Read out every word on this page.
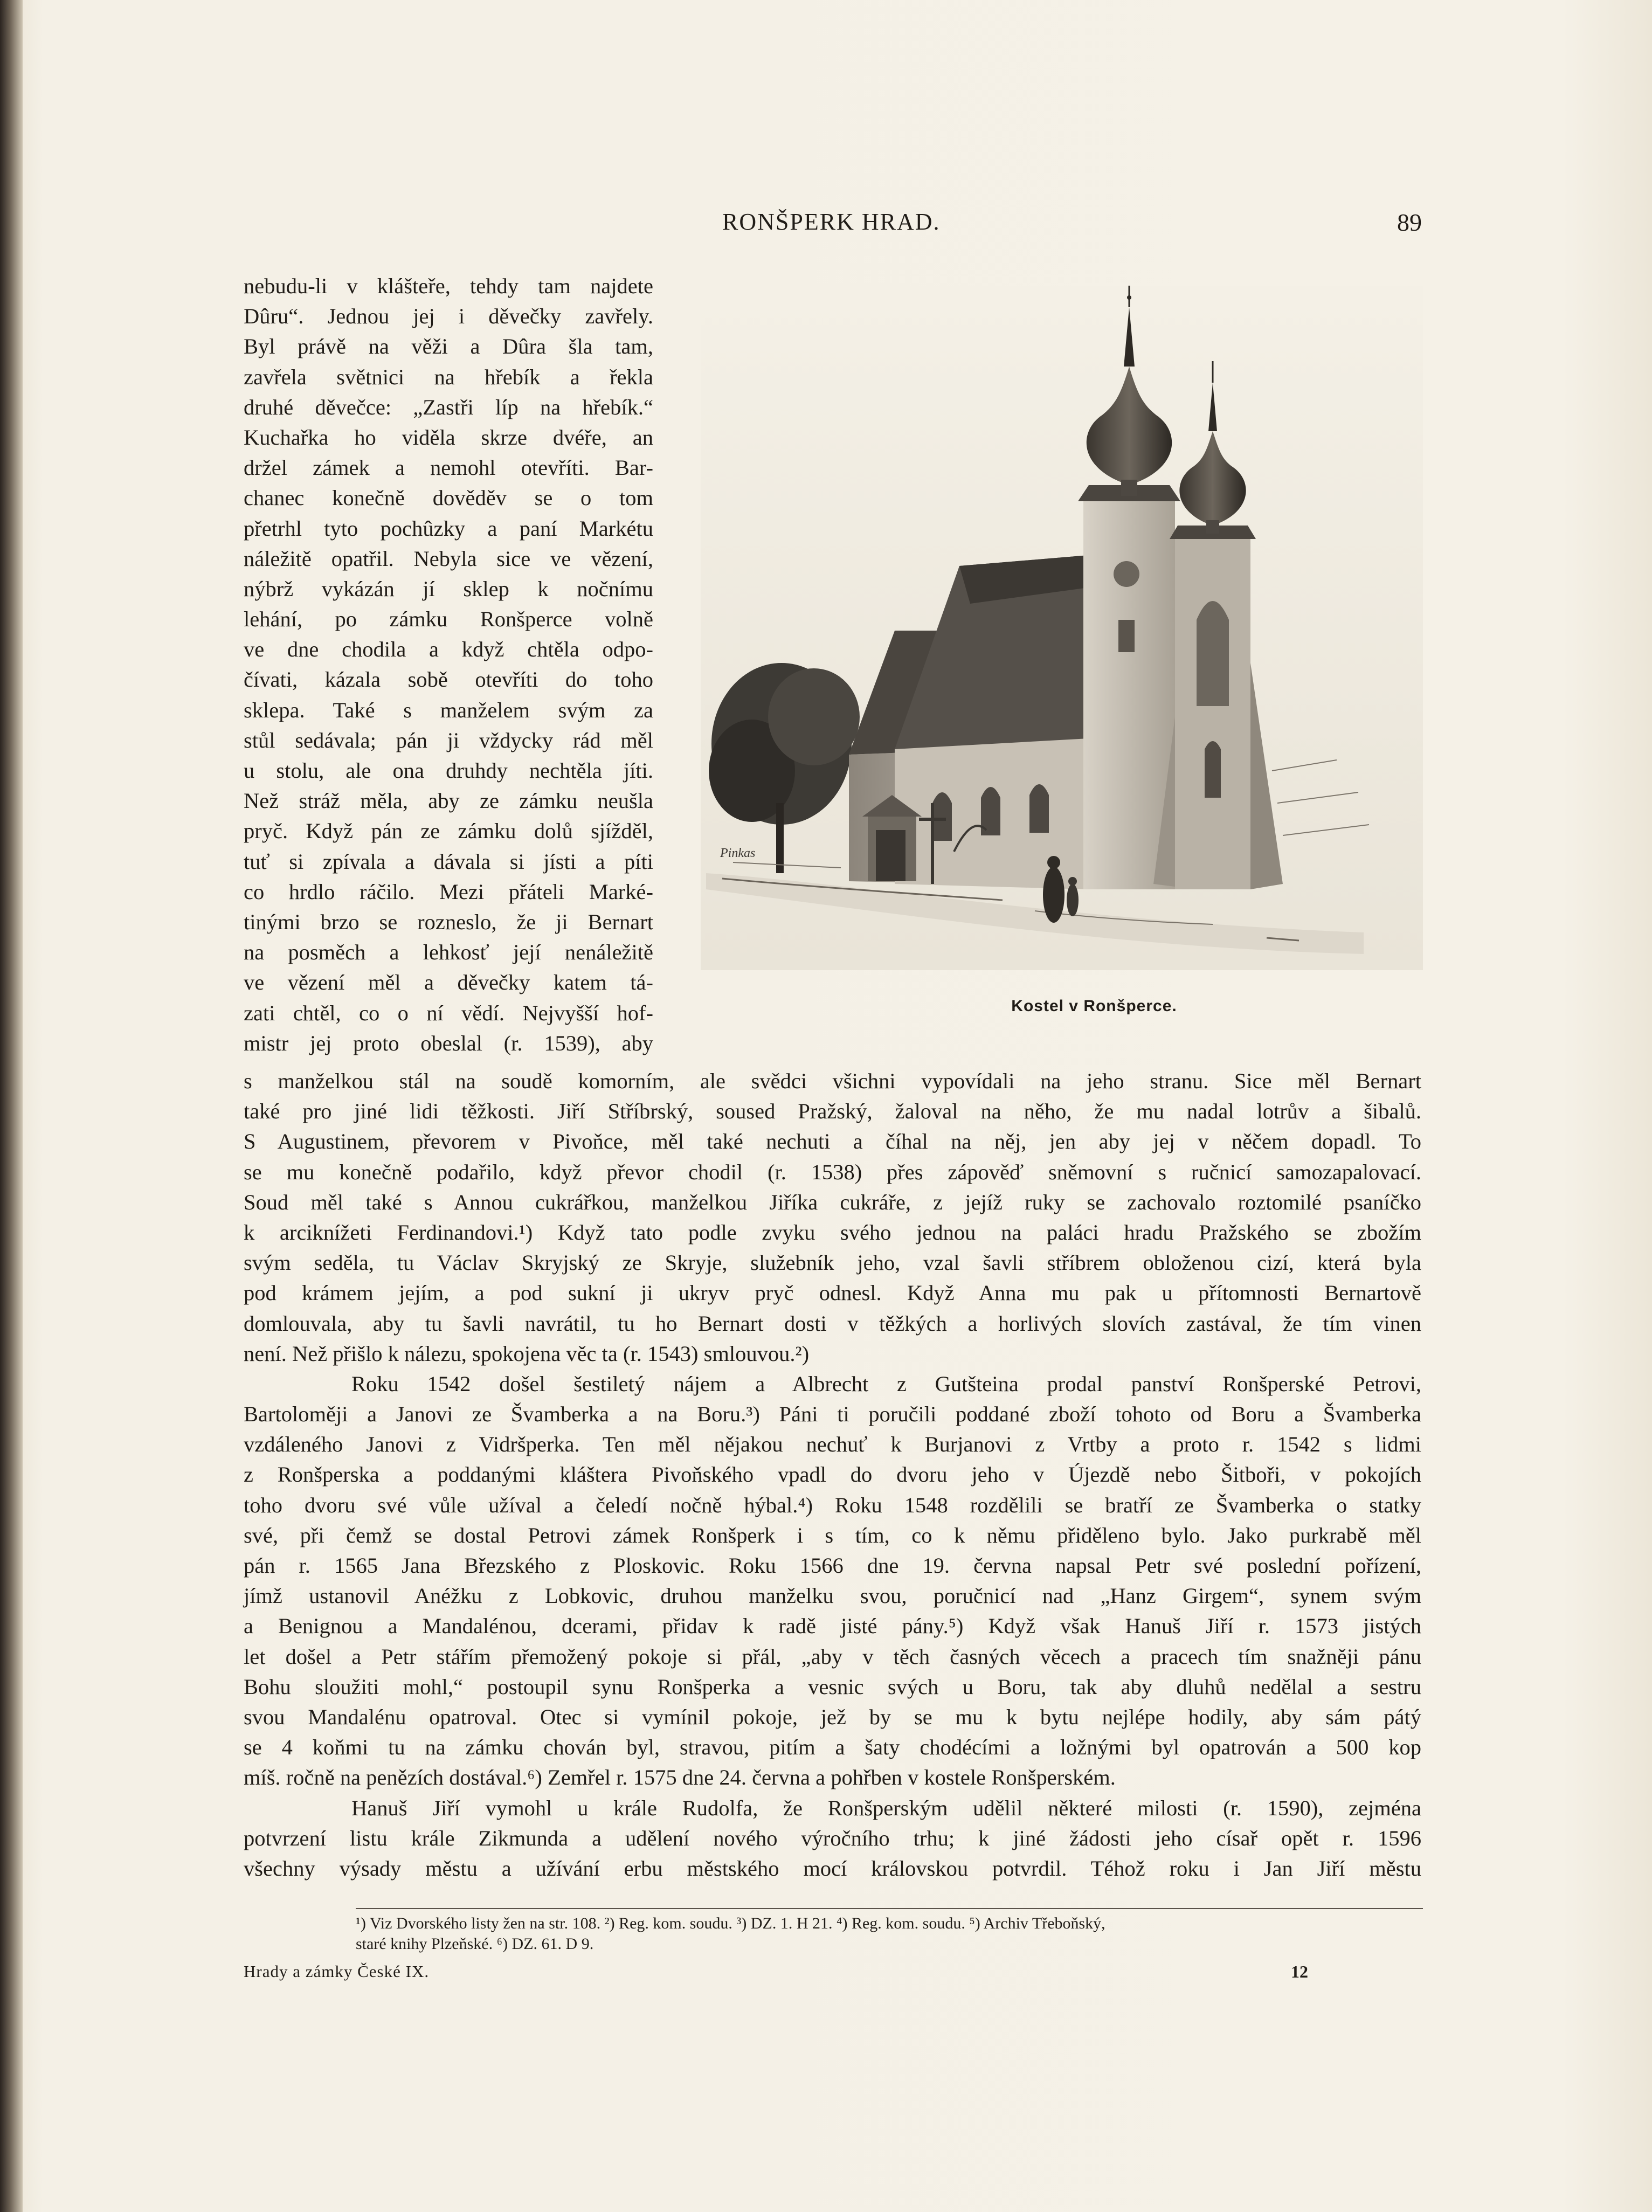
RONŠPERK HRAD.	89
nebudu-li v klášteře, tehdy tam najdete
Dûru“. Jednou jej i děvečky zavřely.
Byl právě na věži a Dûra šla tam,
zavřela světnici na hřebík a řekla
druhé děvečce: „Zastři líp na hřebík.“
Kuchařka ho viděla skrze dvéře, an
držel zámek a nemohl otevříti. Bar-
chanec konečně dověděv se o tom
přetrhl tyto pochûzky a paní Markétu
náležitě opatřil. Nebyla sice ve vězení,
nýbrž vykázán jí sklep k nočnímu
lehání, po zámku Ronšperce volně
ve dne chodila a když chtěla odpo-
čívati, kázala sobě otevříti do toho
sklepa. Také s manželem svým za
stůl sedávala; pán ji vždycky rád měl
u stolu, ale ona druhdy nechtěla jíti.
Než stráž měla, aby ze zámku neušla
pryč. Když pán ze zámku dolů sjížděl,
tuť si zpívala a dávala si jísti a píti
co hrdlo ráčilo. Mezi přáteli Marké-
tinými brzo se rozneslo, že ji Bernart
na posměch a lehkosť její nenáležitě
ve vězení měl a děvečky katem tá-
zati chtěl, co o ní vědí. Nejvyšší hof-
mistr jej proto obeslal (r. 1539), aby
Pinkas
Kostel v Ronšperce.
s manželkou stál na soudě komorním, ale svědci všichni vypovídali na jeho stranu. Sice měl Bernart
také pro jiné lidi těžkosti. Jiří Stříbrský, soused Pražský, žaloval na něho, že mu nadal lotrův a šibalů.
S Augustinem, převorem v Pivoňce, měl také nechuti a číhal na něj, jen aby jej v něčem dopadl. To
se mu konečně podařilo, když převor chodil (r. 1538) přes zápověď sněmovní s ručnicí samozapalovací.
Soud měl také s Annou cukrářkou, manželkou Jiříka cukráře, z jejíž ruky se zachovalo roztomilé psaníčko
k arciknížeti Ferdinandovi.¹) Když tato podle zvyku svého jednou na paláci hradu Pražského se zbožím
svým seděla, tu Václav Skryjský ze Skryje, služebník jeho, vzal šavli stříbrem obloženou cizí, která byla
pod krámem jejím, a pod sukní ji ukryv pryč odnesl. Když Anna mu pak u přítomnosti Bernartově
domlouvala, aby tu šavli navrátil, tu ho Bernart dosti v těžkých a horlivých slovích zastával, že tím vinen
není. Než přišlo k nálezu, spokojena věc ta (r. 1543) smlouvou.²)
Roku 1542 došel šestiletý nájem a Albrecht z Gutšteina prodal panství Ronšperské Petrovi,
Bartoloměji a Janovi ze Švamberka a na Boru.³) Páni ti poručili poddané zboží tohoto od Boru a Švamberka
vzdáleného Janovi z Vidršperka. Ten měl nějakou nechuť k Burjanovi z Vrtby a proto r. 1542 s lidmi
z Ronšperska a poddanými kláštera Pivoňského vpadl do dvoru jeho v Újezdě nebo Šitboři, v pokojích
toho dvoru své vůle užíval a čeledí nočně hýbal.⁴) Roku 1548 rozdělili se bratří ze Švamberka o statky
své, při čemž se dostal Petrovi zámek Ronšperk i s tím, co k němu přiděleno bylo. Jako purkrabě měl
pán r. 1565 Jana Březského z Ploskovic. Roku 1566 dne 19. června napsal Petr své poslední pořízení,
jímž ustanovil Anéžku z Lobkovic, druhou manželku svou, poručnicí nad „Hanz Girgem“, synem svým
a Benignou a Mandalénou, dcerami, přidav k radě jisté pány.⁵) Když však Hanuš Jiří r. 1573 jistých
let došel a Petr stářím přemožený pokoje si přál, „aby v těch časných věcech a pracech tím snažněji pánu
Bohu sloužiti mohl,“ postoupil synu Ronšperka a vesnic svých u Boru, tak aby dluhů nedělal a sestru
svou Mandalénu opatroval. Otec si vymínil pokoje, jež by se mu k bytu nejlépe hodily, aby sám pátý
se 4 koňmi tu na zámku chován byl, stravou, pitím a šaty chodécími a ložnými byl opatrován a 500 kop
míš. ročně na penězích dostával.⁶) Zemřel r. 1575 dne 24. června a pohřben v kostele Ronšperském.
Hanuš Jiří vymohl u krále Rudolfa, že Ronšperským udělil některé milosti (r. 1590), zejména
potvrzení listu krále Zikmunda a udělení nového výročního trhu; k jiné žádosti jeho císař opět r. 1596
všechny výsady městu a užívání erbu městského mocí královskou potvrdil. Téhož roku i Jan Jiří městu
¹) Viz Dvorského listy žen na str. 108. ²) Reg. kom. soudu. ³) DZ. 1. H 21. ⁴) Reg. kom. soudu. ⁵) Archiv Třeboňský,
staré knihy Plzeňské. ⁶) DZ. 61. D 9.
Hrady a zámky České IX.	12
